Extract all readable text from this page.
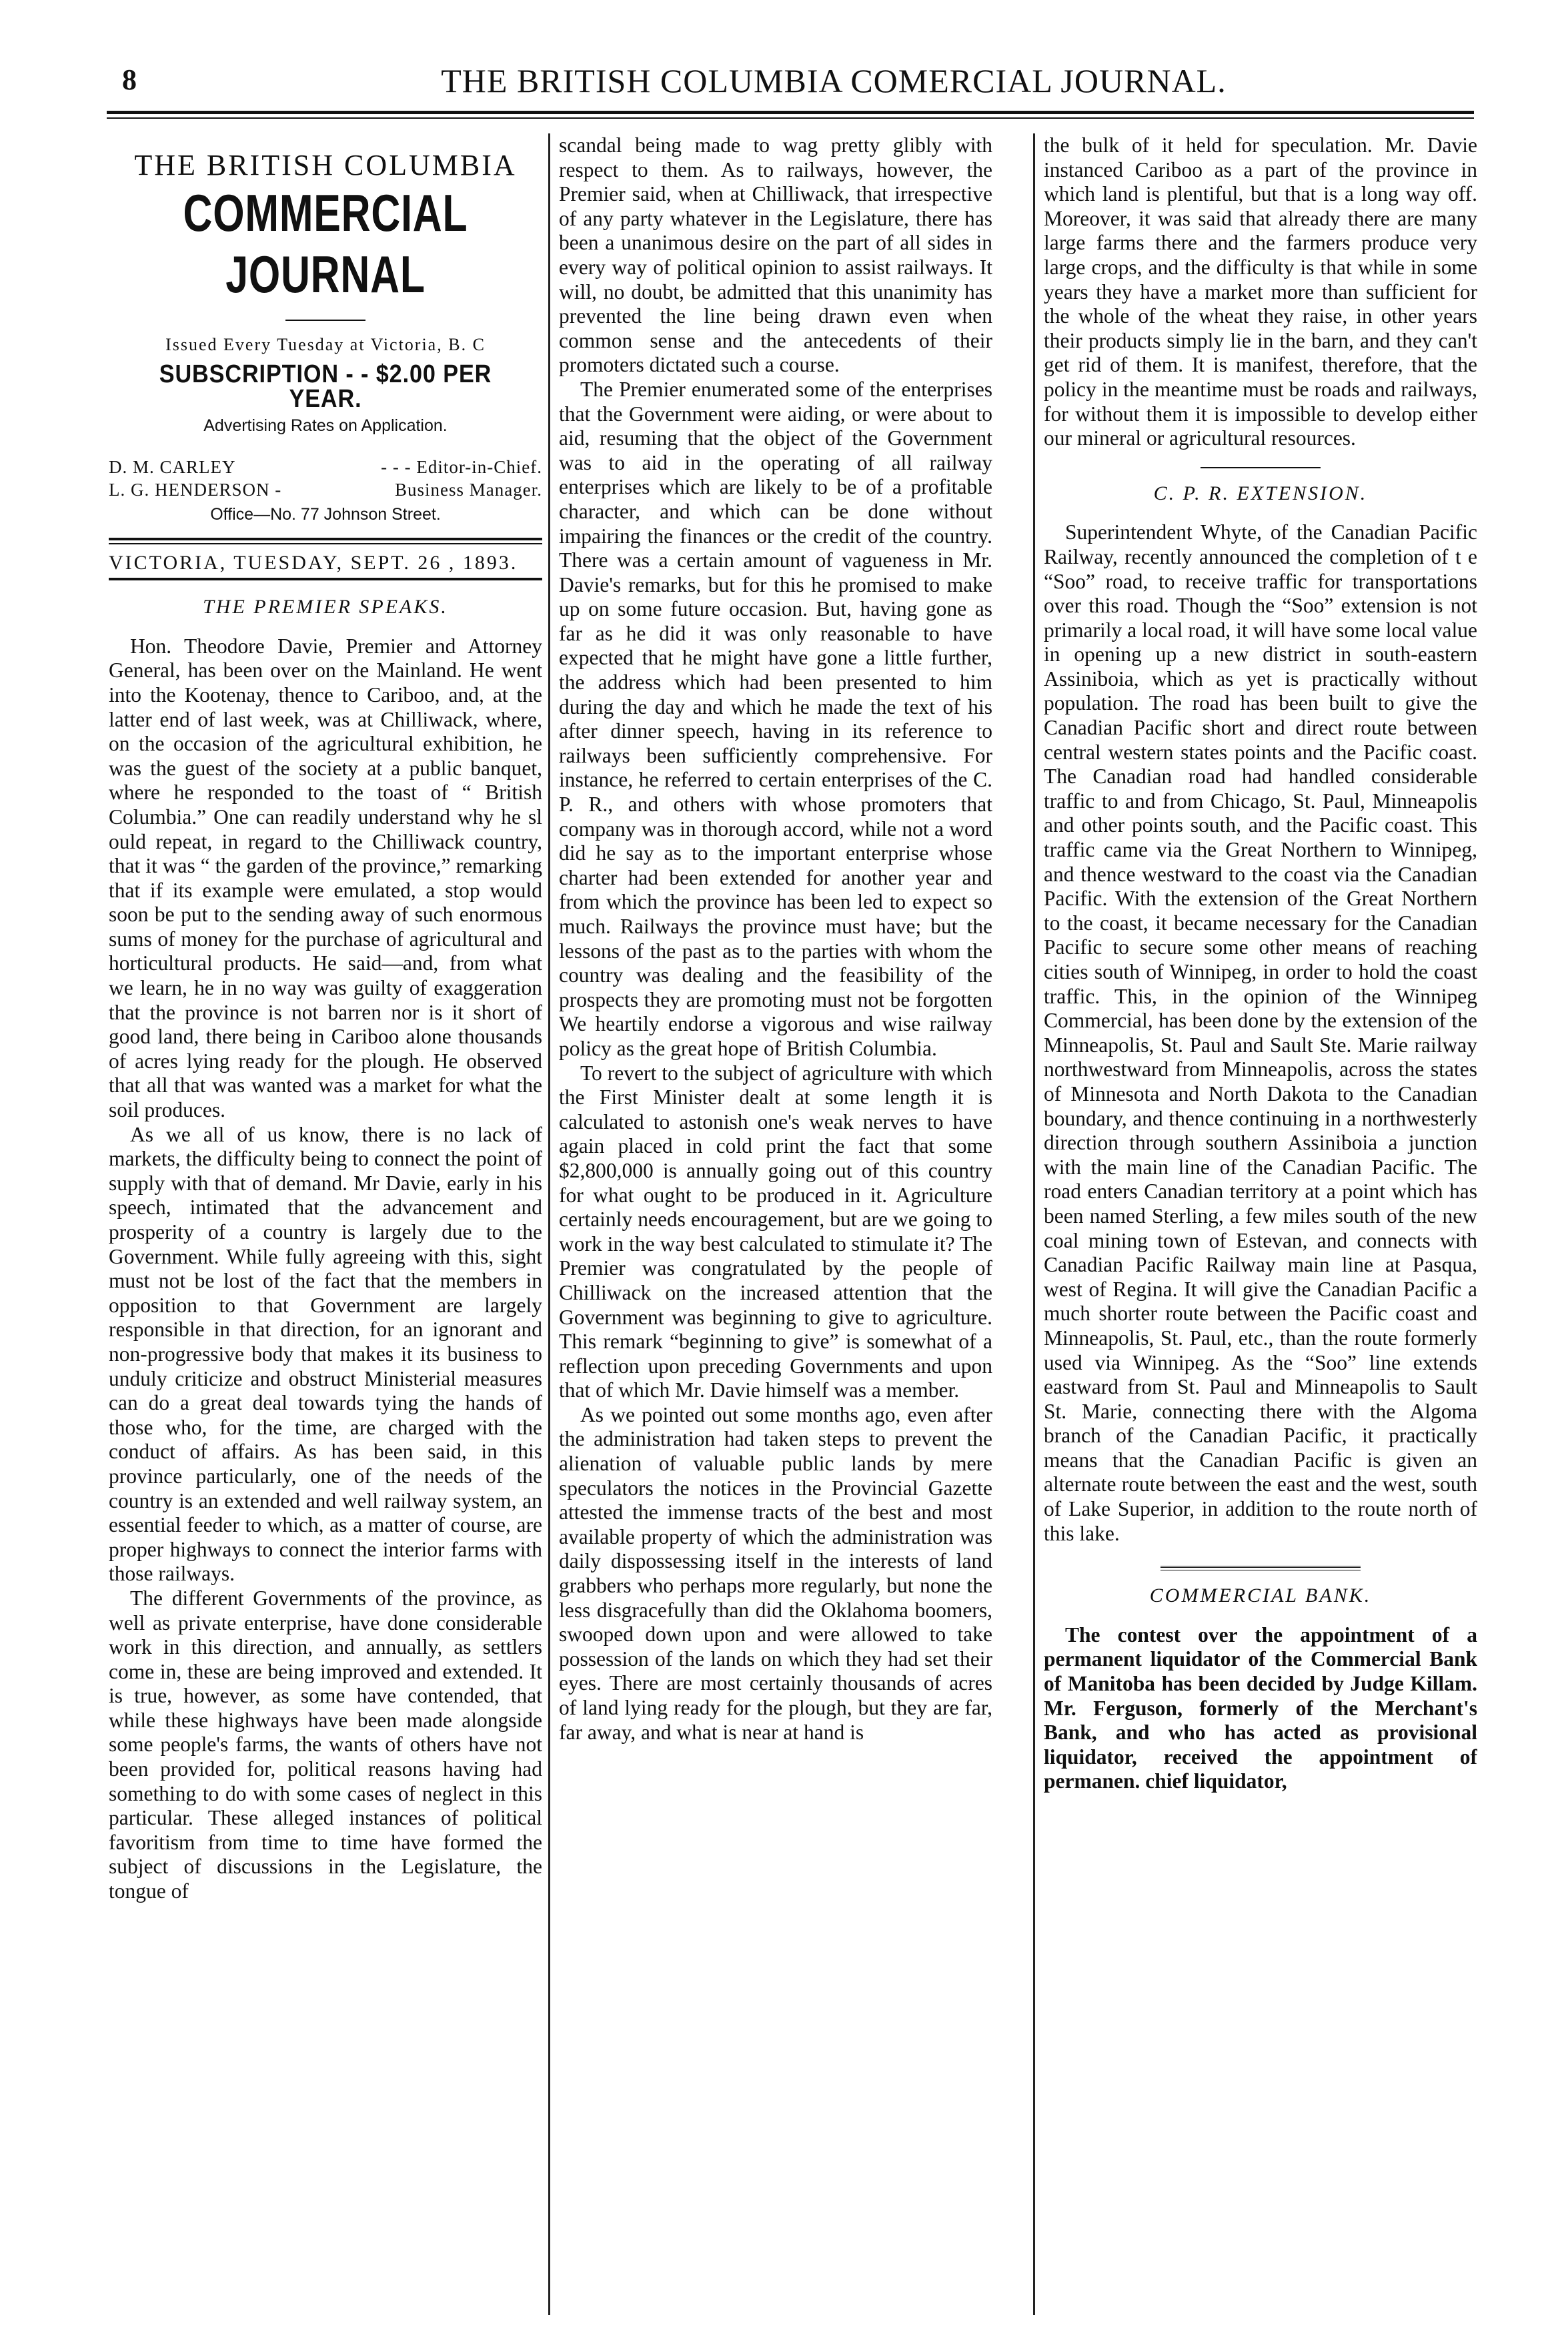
8	THE BRITISH COLUMBIA COMERCIAL JOURNAL.
THE BRITISH COLUMBIA
COMMERCIAL JOURNAL
Issued Every Tuesday at Victoria, B. C
SUBSCRIPTION - - $2.00 PER YEAR.
Advertising Rates on Application.
D. M. CARLEY	- - - Editor-in-Chief.
L. G. HENDERSON -	Business Manager.
Office—No. 77 Johnson Street.
VICTORIA, TUESDAY, SEPT. 26 , 1893.
THE PREMIER SPEAKS.

Hon. Theodore Davie, Premier and Attorney General, has been over on the Mainland. He went into the Kootenay, thence to Cariboo, and, at the latter end of last week, was at Chilliwack, where, on the occasion of the agricultural exhibition, he was the guest of the society at a public banquet, where he responded to the toast of “ British Columbia.” One can readily understand why he sl ould repeat, in regard to the Chilliwack country, that it was “ the garden of the province,” remarking that if its example were emulated, a stop would soon be put to the sending away of such enormous sums of money for the purchase of agricultural and horticultural products. He said—and, from what we learn, he in no way was guilty of exaggeration that the province is not barren nor is it short of good land, there being in Cariboo alone thousands of acres lying ready for the plough. He observed that all that was wanted was a market for what the soil produces.

As we all of us know, there is no lack of markets, the difficulty being to connect the point of supply with that of demand. Mr Davie, early in his speech, intimated that the advancement and prosperity of a country is largely due to the Government. While fully agreeing with this, sight must not be lost of the fact that the members in opposition to that Government are largely responsible in that direction, for an ignorant and non-progressive body that makes it its business to unduly criticize and obstruct Ministerial measures can do a great deal towards tying the hands of those who, for the time, are charged with the conduct of affairs. As has been said, in this province particularly, one of the needs of the country is an extended and well railway system, an essential feeder to which, as a matter of course, are proper highways to connect the interior farms with those railways.

The different Governments of the province, as well as private enterprise, have done considerable work in this direction, and annually, as settlers come in, these are being improved and extended. It is true, however, as some have contended, that while these highways have been made alongside some people's farms, the wants of others have not been provided for, political reasons having had something to do with some cases of neglect in this particular. These alleged instances of political favoritism from time to time have formed the subject of discussions in the Legislature, the tongue of

scandal being made to wag pretty glibly with respect to them. As to railways, however, the Premier said, when at Chilliwack, that irrespective of any party whatever in the Legislature, there has been a unanimous desire on the part of all sides in every way of political opinion to assist railways. It will, no doubt, be admitted that this unanimity has prevented the line being drawn even when common sense and the antecedents of their promoters dictated such a course.

The Premier enumerated some of the enterprises that the Government were aiding, or were about to aid, resuming that the object of the Government was to aid in the operating of all railway enterprises which are likely to be of a profitable character, and which can be done without impairing the finances or the credit of the country. There was a certain amount of vagueness in Mr. Davie's remarks, but for this he promised to make up on some future occasion. But, having gone as far as he did it was only reasonable to have expected that he might have gone a little further, the address which had been presented to him during the day and which he made the text of his after dinner speech, having in its reference to railways been sufficiently comprehensive. For instance, he referred to certain enterprises of the C. P. R., and others with whose promoters that company was in thorough accord, while not a word did he say as to the important enterprise whose charter had been extended for another year and from which the province has been led to expect so much. Railways the province must have; but the lessons of the past as to the parties with whom the country was dealing and the feasibility of the prospects they are promoting must not be forgotten We heartily endorse a vigorous and wise railway policy as the great hope of British Columbia.

To revert to the subject of agriculture with which the First Minister dealt at some length it is calculated to astonish one's weak nerves to have again placed in cold print the fact that some $2,800,000 is annually going out of this country for what ought to be produced in it. Agriculture certainly needs encouragement, but are we going to work in the way best calculated to stimulate it? The Premier was congratulated by the people of Chilliwack on the increased attention that the Government was beginning to give to agriculture. This remark “beginning to give” is somewhat of a reflection upon preceding Governments and upon that of which Mr. Davie himself was a member.

As we pointed out some months ago, even after the administration had taken steps to prevent the alienation of valuable public lands by mere speculators the notices in the Provincial Gazette attested the immense tracts of the best and most available property of which the administration was daily dispossessing itself in the interests of land grabbers who perhaps more regularly, but none the less disgracefully than did the Oklahoma boomers, swooped down upon and were allowed to take possession of the lands on which they had set their eyes. There are most certainly thousands of acres of land lying ready for the plough, but they are far, far away, and what is near at hand is

the bulk of it held for speculation. Mr. Davie instanced Cariboo as a part of the province in which land is plentiful, but that is a long way off. Moreover, it was said that already there are many large farms there and the farmers produce very large crops, and the difficulty is that while in some years they have a market more than sufficient for the whole of the wheat they raise, in other years their products simply lie in the barn, and they can't get rid of them. It is manifest, therefore, that the policy in the meantime must be roads and railways, for without them it is impossible to develop either our mineral or agricultural resources.

C. P. R. EXTENSION.

Superintendent Whyte, of the Canadian Pacific Railway, recently announced the completion of t e “Soo” road, to receive traffic for transportations over this road. Though the “Soo” extension is not primarily a local road, it will have some local value in opening up a new district in south-eastern Assiniboia, which as yet is practically without population. The road has been built to give the Canadian Pacific short and direct route between central western states points and the Pacific coast. The Canadian road had handled considerable traffic to and from Chicago, St. Paul, Minneapolis and other points south, and the Pacific coast. This traffic came via the Great Northern to Winnipeg, and thence westward to the coast via the Canadian Pacific. With the extension of the Great Northern to the coast, it became necessary for the Canadian Pacific to secure some other means of reaching cities south of Winnipeg, in order to hold the coast traffic. This, in the opinion of the Winnipeg Commercial, has been done by the extension of the Minneapolis, St. Paul and Sault Ste. Marie railway northwestward from Minneapolis, across the states of Minnesota and North Dakota to the Canadian boundary, and thence continuing in a northwesterly direction through southern Assiniboia a junction with the main line of the Canadian Pacific. The road enters Canadian territory at a point which has been named Sterling, a few miles south of the new coal mining town of Estevan, and connects with Canadian Pacific Railway main line at Pasqua, west of Regina. It will give the Canadian Pacific a much shorter route between the Pacific coast and Minneapolis, St. Paul, etc., than the route formerly used via Winnipeg. As the “Soo” line extends eastward from St. Paul and Minneapolis to Sault St. Marie, connecting there with the Algoma branch of the Canadian Pacific, it practically means that the Canadian Pacific is given an alternate route between the east and the west, south of Lake Superior, in addition to the route north of this lake.

COMMERCIAL BANK.

The contest over the appointment of a permanent liquidator of the Commercial Bank of Manitoba has been decided by Judge Killam. Mr. Ferguson, formerly of the Merchant's Bank, and who has acted as provisional liquidator, received the appointment of permanen. chief liquidator,
